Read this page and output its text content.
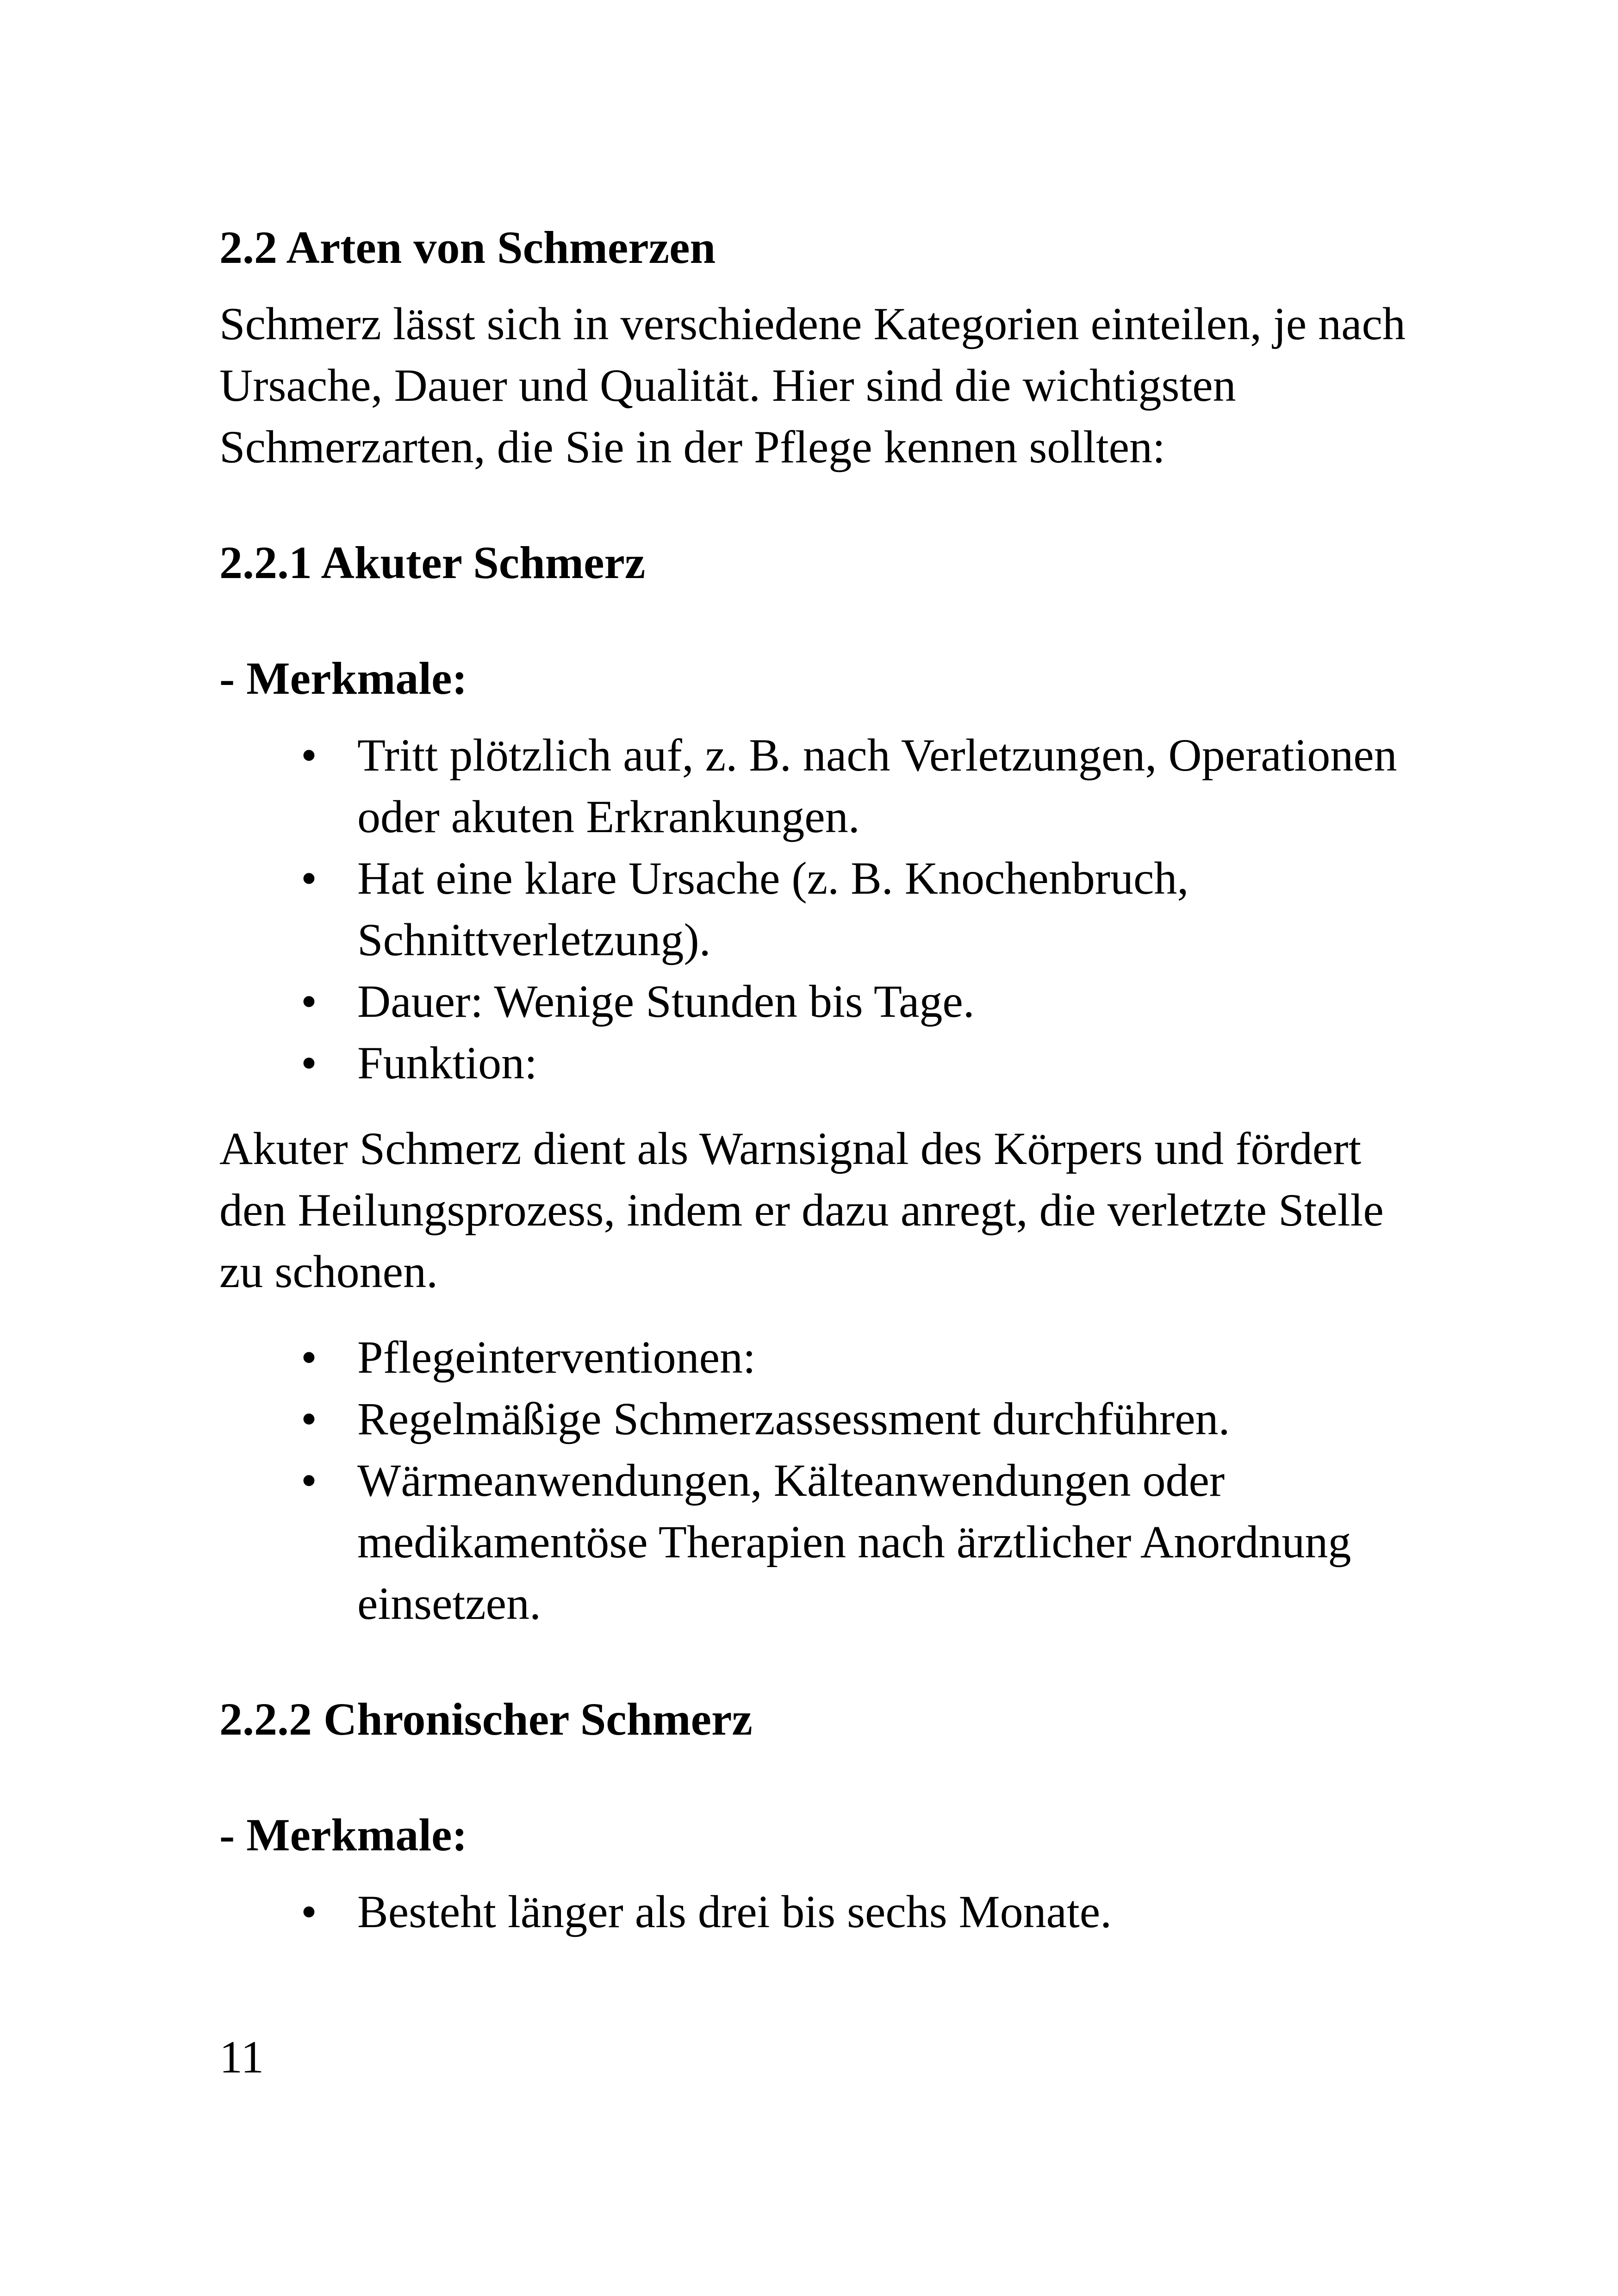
2.2 Arten von Schmerzen

Schmerz lässt sich in verschiedene Kategorien einteilen, je nach Ursache, Dauer und Qualität. Hier sind die wichtigsten Schmerzarten, die Sie in der Pflege kennen sollten:

2.2.1 Akuter Schmerz

- Merkmale:

• Tritt plötzlich auf, z. B. nach Verletzungen, Operationen oder akuten Erkrankungen.
• Hat eine klare Ursache (z. B. Knochenbruch, Schnittverletzung).
• Dauer: Wenige Stunden bis Tage.
• Funktion:

Akuter Schmerz dient als Warnsignal des Körpers und fördert den Heilungsprozess, indem er dazu anregt, die verletzte Stelle zu schonen.

• Pflegeinterventionen:
• Regelmäßige Schmerzassessment durchführen.
• Wärmeanwendungen, Kälteanwendungen oder medikamentöse Therapien nach ärztlicher Anordnung einsetzen.

2.2.2 Chronischer Schmerz

- Merkmale:

• Besteht länger als drei bis sechs Monate.
11
